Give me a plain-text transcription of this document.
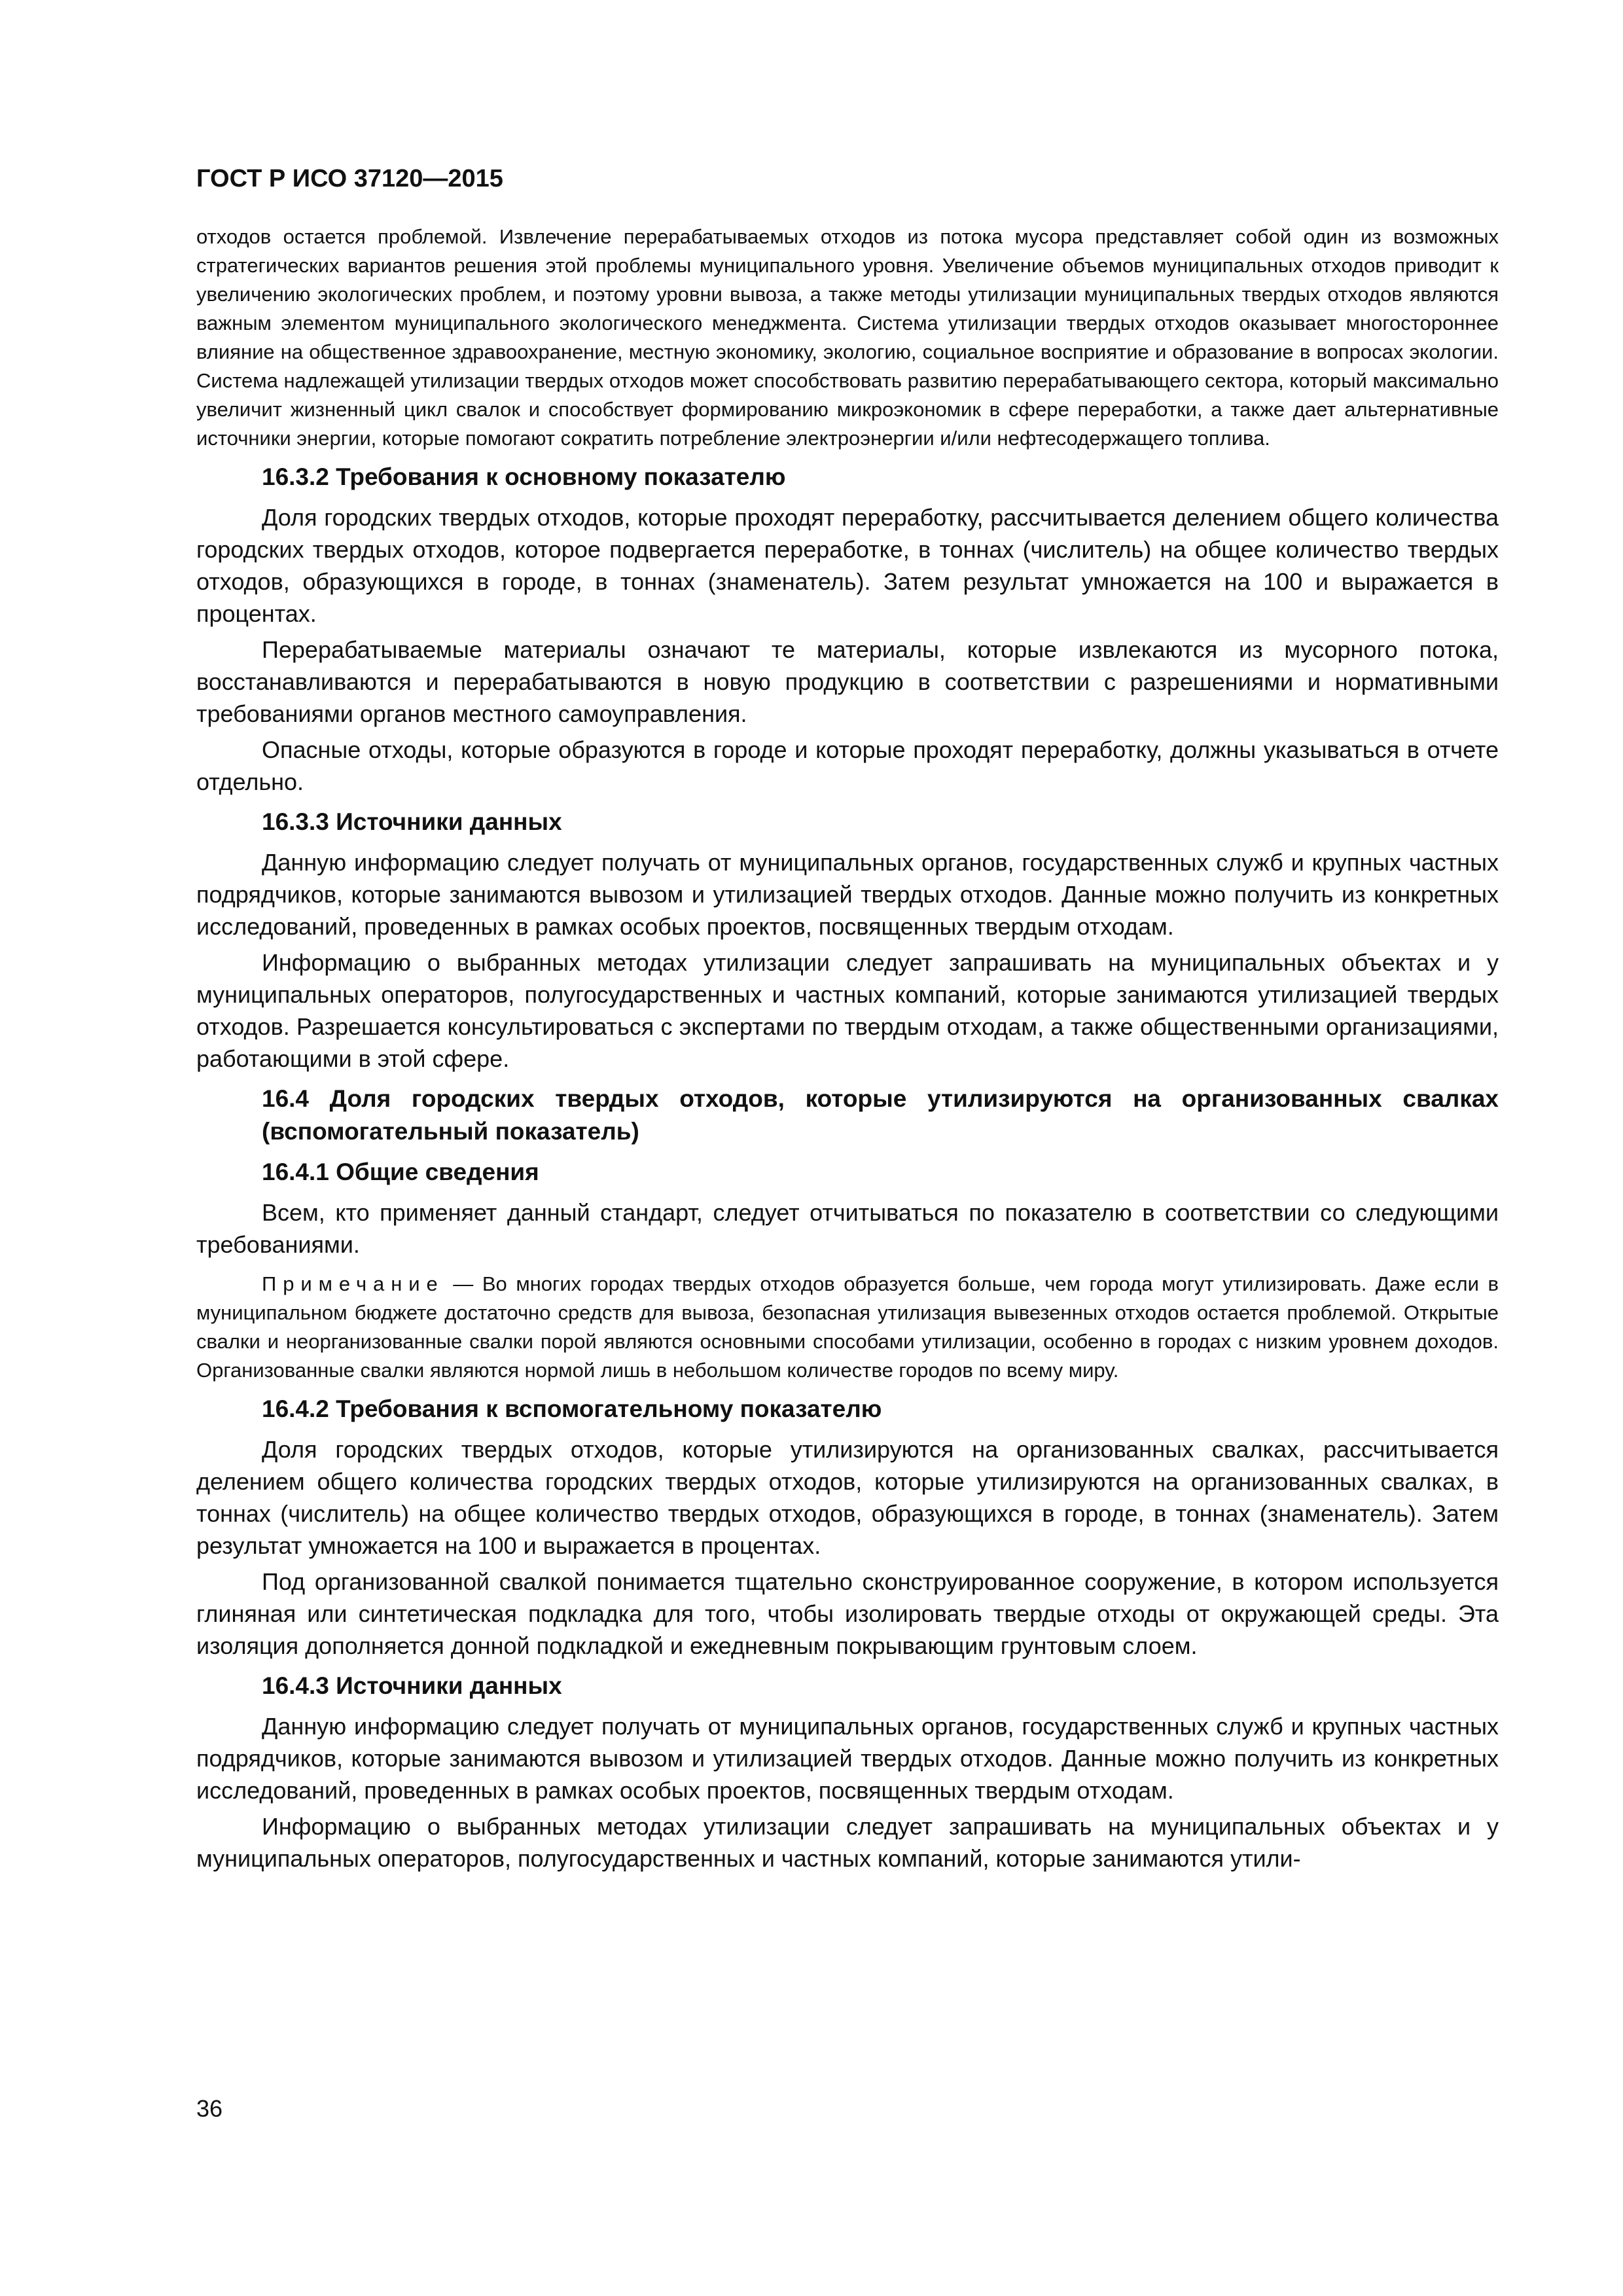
ГОСТ Р ИСО 37120—2015

отходов остается проблемой. Извлечение перерабатываемых отходов из потока мусора представляет собой один из возможных стратегических вариантов решения этой проблемы муниципального уровня. Увеличение объемов муниципальных отходов приводит к увеличению экологических проблем, и поэтому уровни вывоза, а также методы утилизации муниципальных твердых отходов являются важным элементом муниципального экологического менеджмента. Система утилизации твердых отходов оказывает многостороннее влияние на общественное здравоохранение, местную экономику, экологию, социальное восприятие и образование в вопросах экологии. Система надлежащей утилизации твердых отходов может способствовать развитию перерабатывающего сектора, который максимально увеличит жизненный цикл свалок и способствует формированию микроэкономик в сфере переработки, а также дает альтернативные источники энергии, которые помогают сократить потребление электроэнергии и/или нефтесодержащего топлива.

16.3.2 Требования к основному показателю

Доля городских твердых отходов, которые проходят переработку, рассчитывается делением общего количества городских твердых отходов, которое подвергается переработке, в тоннах (числитель) на общее количество твердых отходов, образующихся в городе, в тоннах (знаменатель). Затем результат умножается на 100 и выражается в процентах.

Перерабатываемые материалы означают те материалы, которые извлекаются из мусорного потока, восстанавливаются и перерабатываются в новую продукцию в соответствии с разрешениями и нормативными требованиями органов местного самоуправления.

Опасные отходы, которые образуются в городе и которые проходят переработку, должны указываться в отчете отдельно.

16.3.3 Источники данных

Данную информацию следует получать от муниципальных органов, государственных служб и крупных частных подрядчиков, которые занимаются вывозом и утилизацией твердых отходов. Данные можно получить из конкретных исследований, проведенных в рамках особых проектов, посвященных твердым отходам.

Информацию о выбранных методах утилизации следует запрашивать на муниципальных объектах и у муниципальных операторов, полугосударственных и частных компаний, которые занимаются утилизацией твердых отходов. Разрешается консультироваться с экспертами по твердым отходам, а также общественными организациями, работающими в этой сфере.

16.4 Доля городских твердых отходов, которые утилизируются на организованных свалках (вспомогательный показатель)
16.4.1 Общие сведения

Всем, кто применяет данный стандарт, следует отчитываться по показателю в соответствии со следующими требованиями.

Примечание — Во многих городах твердых отходов образуется больше, чем города могут утилизировать. Даже если в муниципальном бюджете достаточно средств для вывоза, безопасная утилизация вывезенных отходов остается проблемой. Открытые свалки и неорганизованные свалки порой являются основными способами утилизации, особенно в городах с низким уровнем доходов. Организованные свалки являются нормой лишь в небольшом количестве городов по всему миру.

16.4.2 Требования к вспомогательному показателю

Доля городских твердых отходов, которые утилизируются на организованных свалках, рассчитывается делением общего количества городских твердых отходов, которые утилизируются на организованных свалках, в тоннах (числитель) на общее количество твердых отходов, образующихся в городе, в тоннах (знаменатель). Затем результат умножается на 100 и выражается в процентах.

Под организованной свалкой понимается тщательно сконструированное сооружение, в котором используется глиняная или синтетическая подкладка для того, чтобы изолировать твердые отходы от окружающей среды. Эта изоляция дополняется донной подкладкой и ежедневным покрывающим грунтовым слоем.

16.4.3 Источники данных

Данную информацию следует получать от муниципальных органов, государственных служб и крупных частных подрядчиков, которые занимаются вывозом и утилизацией твердых отходов. Данные можно получить из конкретных исследований, проведенных в рамках особых проектов, посвященных твердым отходам.

Информацию о выбранных методах утилизации следует запрашивать на муниципальных объектах и у муниципальных операторов, полугосударственных и частных компаний, которые занимаются утили-

36
